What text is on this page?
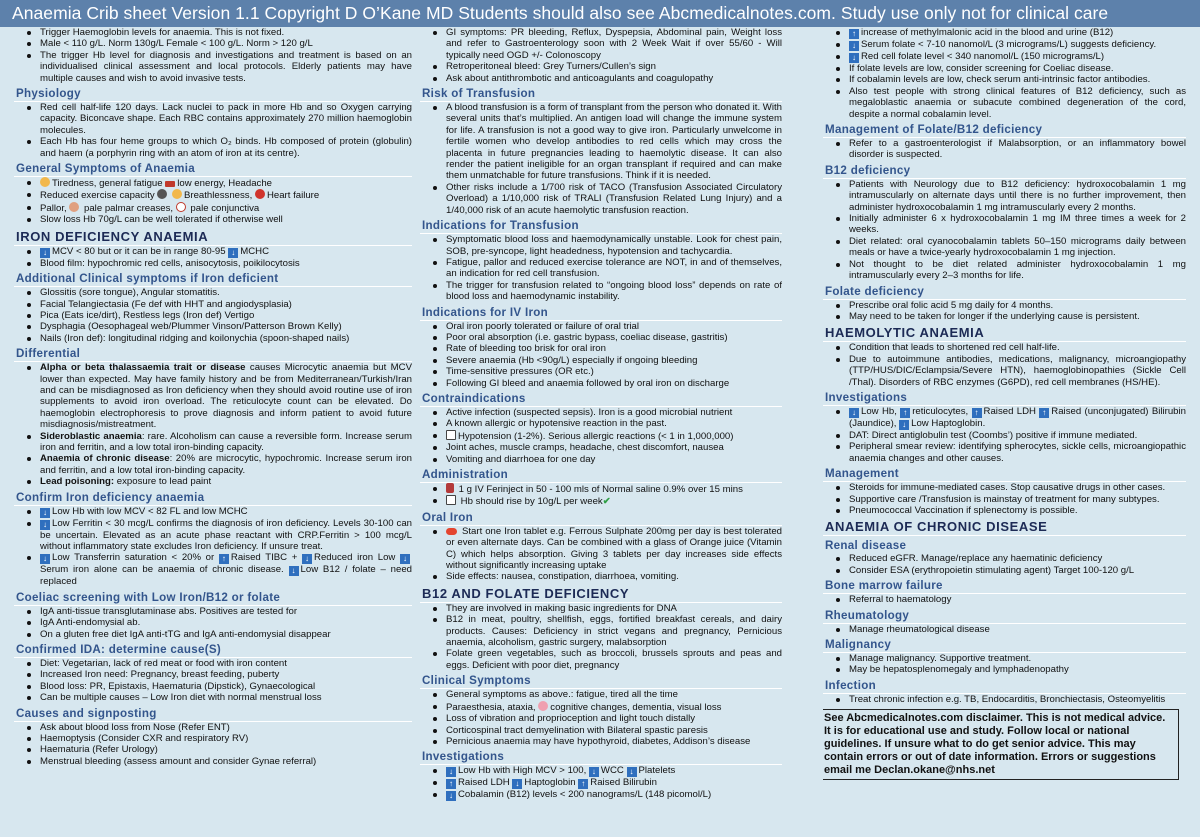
Anaemia Crib sheet Version 1.1 Copyright D O’Kane MD Students should also see Abcmedicalnotes.com. Study use only not for clinical care
Trigger Haemoglobin levels for anaemia. This is not fixed.
Male < 110 g/L. Norm 130g/L Female < 100 g/L. Norm > 120 g/L
The trigger Hb level for diagnosis and investigations and treatment is based on an individualised clinical assessment and local protocols. Elderly patients may have multiple causes and wish to avoid invasive tests.
Physiology
Red cell half-life 120 days. Lack nuclei to pack in more Hb and so Oxygen carrying capacity. Biconcave shape. Each RBC contains approximately 270 million haemoglobin molecules.
Each Hb has four heme groups to which O₂ binds. Hb composed of protein (globulin) and haem (a porphyrin ring with an atom of iron at its centre).
General Symptoms of Anaemia
Tiredness, general fatigue low energy, Headache
Reduced exercise capacity	Breathlessness, Heart failure
Pallor, pale palmar creases, pale conjunctiva
Slow loss Hb 70g/L can be well tolerated if otherwise well
IRON DEFICIENCY ANAEMIA
↓ MCV < 80 but or it can be in range 80-95 ↓ MCHC
Blood film: hypochromic red cells, anisocytosis, poikilocytosis
Additional Clinical symptoms if Iron deficient
Glossitis (sore tongue), Angular stomatitis.
Facial Telangiectasia (Fe def with HHT and angiodysplasia)
Pica (Eats ice/dirt), Restless legs (Iron def) Vertigo
Dysphagia (Oesophageal web/Plummer Vinson/Patterson Brown Kelly)
Nails (Iron def): longitudinal ridging and koilonychia (spoon-shaped nails)
Differential
Alpha or beta thalassaemia trait or disease causes Microcytic anaemia but MCV lower than expected. May have family history and be from Mediterranean/Turkish/Iran and can be misdiagnosed as Iron deficiency when they should avoid routine use of iron supplements to avoid iron overload. The reticulocyte count can be elevated. Do haemoglobin electrophoresis to prove diagnosis and inform patient to avoid future misdiagnosis/mistreatment.
Sideroblastic anaemia: rare. Alcoholism can cause a reversible form. Increase serum iron and ferritin, and a low total iron-binding capacity.
Anaemia of chronic disease: 20% are microcytic, hypochromic. Increase serum iron and ferritin, and a low total iron-binding capacity.
Lead poisoning: exposure to lead paint
Confirm Iron deficiency anaemia
↓ Low Hb with low MCV < 82 FL and low MCHC
↓ Low Ferritin < 30 mcg/L confirms the diagnosis of iron deficiency. Levels 30-100 can be uncertain. Elevated as an acute phase reactant with CRP.Ferritin > 100 mcg/L without inflammatory state excludes Iron deficiency. If unsure treat.
↓ Low Transferrin saturation < 20% or ↑ Raised TIBC + ↓ Reduced iron Low ↓Serum iron alone can be anaemia of chronic disease. ↓ Low B12 / folate – need replaced
Coeliac screening with Low Iron/B12 or folate
IgA anti-tissue transglutaminase abs. Positives are tested for
IgA Anti-endomysial ab.
On a gluten free diet IgA anti-tTG and IgA anti-endomysial disappear
Confirmed IDA: determine cause(S)
Diet: Vegetarian, lack of red meat or food with iron content
Increased Iron need: Pregnancy, breast feeding, puberty
Blood loss: PR, Epistaxis, Haematuria (Dipstick), Gynaecological
Can be multiple causes – Low Iron diet with normal menstrual loss
Causes and signposting
Ask about blood loss from Nose (Refer ENT)
Haemoptysis (Consider CXR and respiratory RV)
Haematuria (Refer Urology)
Menstrual bleeding (assess amount and consider Gynae referral)
GI symptoms: PR bleeding, Reflux, Dyspepsia, Abdominal pain, Weight loss and refer to Gastroenterology soon with 2 Week Wait if over 55/60 - Will typically need OGD +/- Colonoscopy
Retroperitoneal bleed: Grey Turners/Cullen’s sign
Ask about antithrombotic and anticoagulants and coagulopathy
Risk of Transfusion
A blood transfusion is a form of transplant from the person who donated it. With several units that’s multiplied. An antigen load will change the immune system for life. A transfusion is not a good way to give iron. Particularly unwelcome in fertile women who develop antibodies to red cells which may cross the placenta in future pregnancies leading to haemolytic disease. It can also render the patient ineligible for an organ transplant if required and can make them unmatchable for future transfusions. Think if it is needed.
Other risks include a 1/700 risk of TACO (Transfusion Associated Circulatory Overload) a 1/10,000 risk of TRALI (Transfusion Related Lung Injury) and a 1/40,000 risk of an acute haemolytic transfusion reaction.
Indications for Transfusion
Symptomatic blood loss and haemodynamically unstable. Look for chest pain, SOB, pre-syncope, light headedness, hypotension and tachycardia.
Fatigue, pallor and reduced exercise tolerance are NOT, in and of themselves, an indication for red cell transfusion.
The trigger for transfusion related to “ongoing blood loss” depends on rate of blood loss and haemodynamic instability.
Indications for IV Iron
Oral iron poorly tolerated or failure of oral trial
Poor oral absorption (i.e. gastric bypass, coeliac disease, gastritis)
Rate of bleeding too brisk for oral iron
Severe anaemia (Hb <90g/L) especially if ongoing bleeding
Time-sensitive pressures (OR etc.)
Following GI bleed and anaemia followed by oral iron on discharge
Contraindications
Active infection (suspected sepsis). Iron is a good microbial nutrient
A known allergic or hypotensive reaction in the past.
Hypotension (1-2%). Serious allergic reactions (< 1 in 1,000,000)
Joint aches, muscle cramps, headache, chest discomfort, nausea
Vomiting and diarrhoea for one day
Administration
1 g IV Ferinject in 50 - 100 mls of Normal saline 0.9% over 15 mins
Hb should rise by 10g/L per week✔
Oral Iron
Start one Iron tablet e.g. Ferrous Sulphate 200mg per day is best tolerated or even alternate days. Can be combined with a glass of Orange juice (Vitamin C) which helps absorption. Giving 3 tablets per day increases side effects without significantly increasing uptake
Side effects: nausea, constipation, diarrhoea, vomiting.
B12 AND FOLATE DEFICIENCY
They are involved in making basic ingredients for DNA
B12 in meat, poultry, shellfish, eggs, fortified breakfast cereals, and dairy products. Causes: Deficiency in strict vegans and pregnancy, Pernicious anaemia, alcoholism, gastric surgery, malabsorption
Folate green vegetables, such as broccoli, brussels sprouts and peas and eggs. Deficient with poor diet, pregnancy
Clinical Symptoms
General symptoms as above.: fatigue, tired all the time
Paraesthesia, ataxia, cognitive changes, dementia, visual loss
Loss of vibration and proprioception and light touch distally
Corticospinal tract demyelination with Bilateral spastic paresis
Pernicious anaemia may have hypothyroid, diabetes, Addison’s disease
Investigations
↓ Low Hb with High MCV > 100, ↓ WCC ↓ Platelets
↑ Raised LDH ↓ Haptoglobin ↑ Raised Bilirubin
↓ Cobalamin (B12) levels < 200 nanograms/L (148 picomol/L)
↑ increase of methylmalonic acid in the blood and urine (B12)
↓ Serum folate < 7-10 nanomol/L (3 micrograms/L) suggests deficiency.
↓ Red cell folate level < 340 nanomol/L (150 micrograms/L)
If folate levels are low, consider screening for Coeliac disease.
If cobalamin levels are low, check serum anti-intrinsic factor antibodies.
Also test people with strong clinical features of B12 deficiency, such as megaloblastic anaemia or subacute combined degeneration of the cord, despite a normal cobalamin level.
Management of Folate/B12 deficiency
Refer to a gastroenterologist if Malabsorption, or an inflammatory bowel disorder is suspected.
B12 deficiency
Patients with Neurology due to B12 deficiency: hydroxocobalamin 1 mg intramuscularly on alternate days until there is no further improvement, then administer hydroxocobalamin 1 mg intramuscularly every 2 months.
Initially administer 6 x hydroxocobalamin 1 mg IM three times a week for 2 weeks.
Diet related: oral cyanocobalamin tablets 50–150 micrograms daily between meals or have a twice-yearly hydroxocobalamin 1 mg injection.
Not thought to be diet related administer hydroxocobalamin 1 mg intramuscularly every 2–3 months for life.
Folate deficiency
Prescribe oral folic acid 5 mg daily for 4 months.
May need to be taken for longer if the underlying cause is persistent.
HAEMOLYTIC ANAEMIA
Condition that leads to shortened red cell half-life.
Due to autoimmune antibodies, medications, malignancy, microangiopathy (TTP/HUS/DIC/Eclampsia/Severe HTN), haemoglobinopathies (Sickle Cell /Thal). Disorders of RBC enzymes (G6PD), red cell membranes (HS/HE).
Investigations
↓ Low Hb, ↑ reticulocytes, ↑ Raised LDH ↑ Raised (unconjugated) Bilirubin (Jaundice), ↓ Low Haptoglobin.
DAT: Direct antiglobulin test (Coombs’) positive if immune mediated.
Peripheral smear review: identifying spherocytes, sickle cells, microangiopathic anaemia changes and other causes.
Management
Steroids for immune-mediated cases. Stop causative drugs in other cases.
Supportive care /Transfusion is mainstay of treatment for many subtypes.
Pneumococcal Vaccination if splenectomy is possible.
ANAEMIA OF CHRONIC DISEASE
Renal disease
Reduced eGFR. Manage/replace any haematinic deficiency
Consider ESA (erythropoietin stimulating agent) Target 100-120 g/L
Bone marrow failure
Referral to haematology
Rheumatology
Manage rheumatological disease
Malignancy
Manage malignancy. Supportive treatment.
May be hepatosplenomegaly and lymphadenopathy
Infection
Treat chronic infection e.g. TB, Endocarditis, Bronchiectasis, Osteomyelitis
See Abcmedicalnotes.com disclaimer. This is not medical advice. It is for educational use and study. Follow local or national guidelines. If unsure what to do get senior advice. This may contain errors or out of date information. Errors or suggestions email me Declan.okane@nhs.net
